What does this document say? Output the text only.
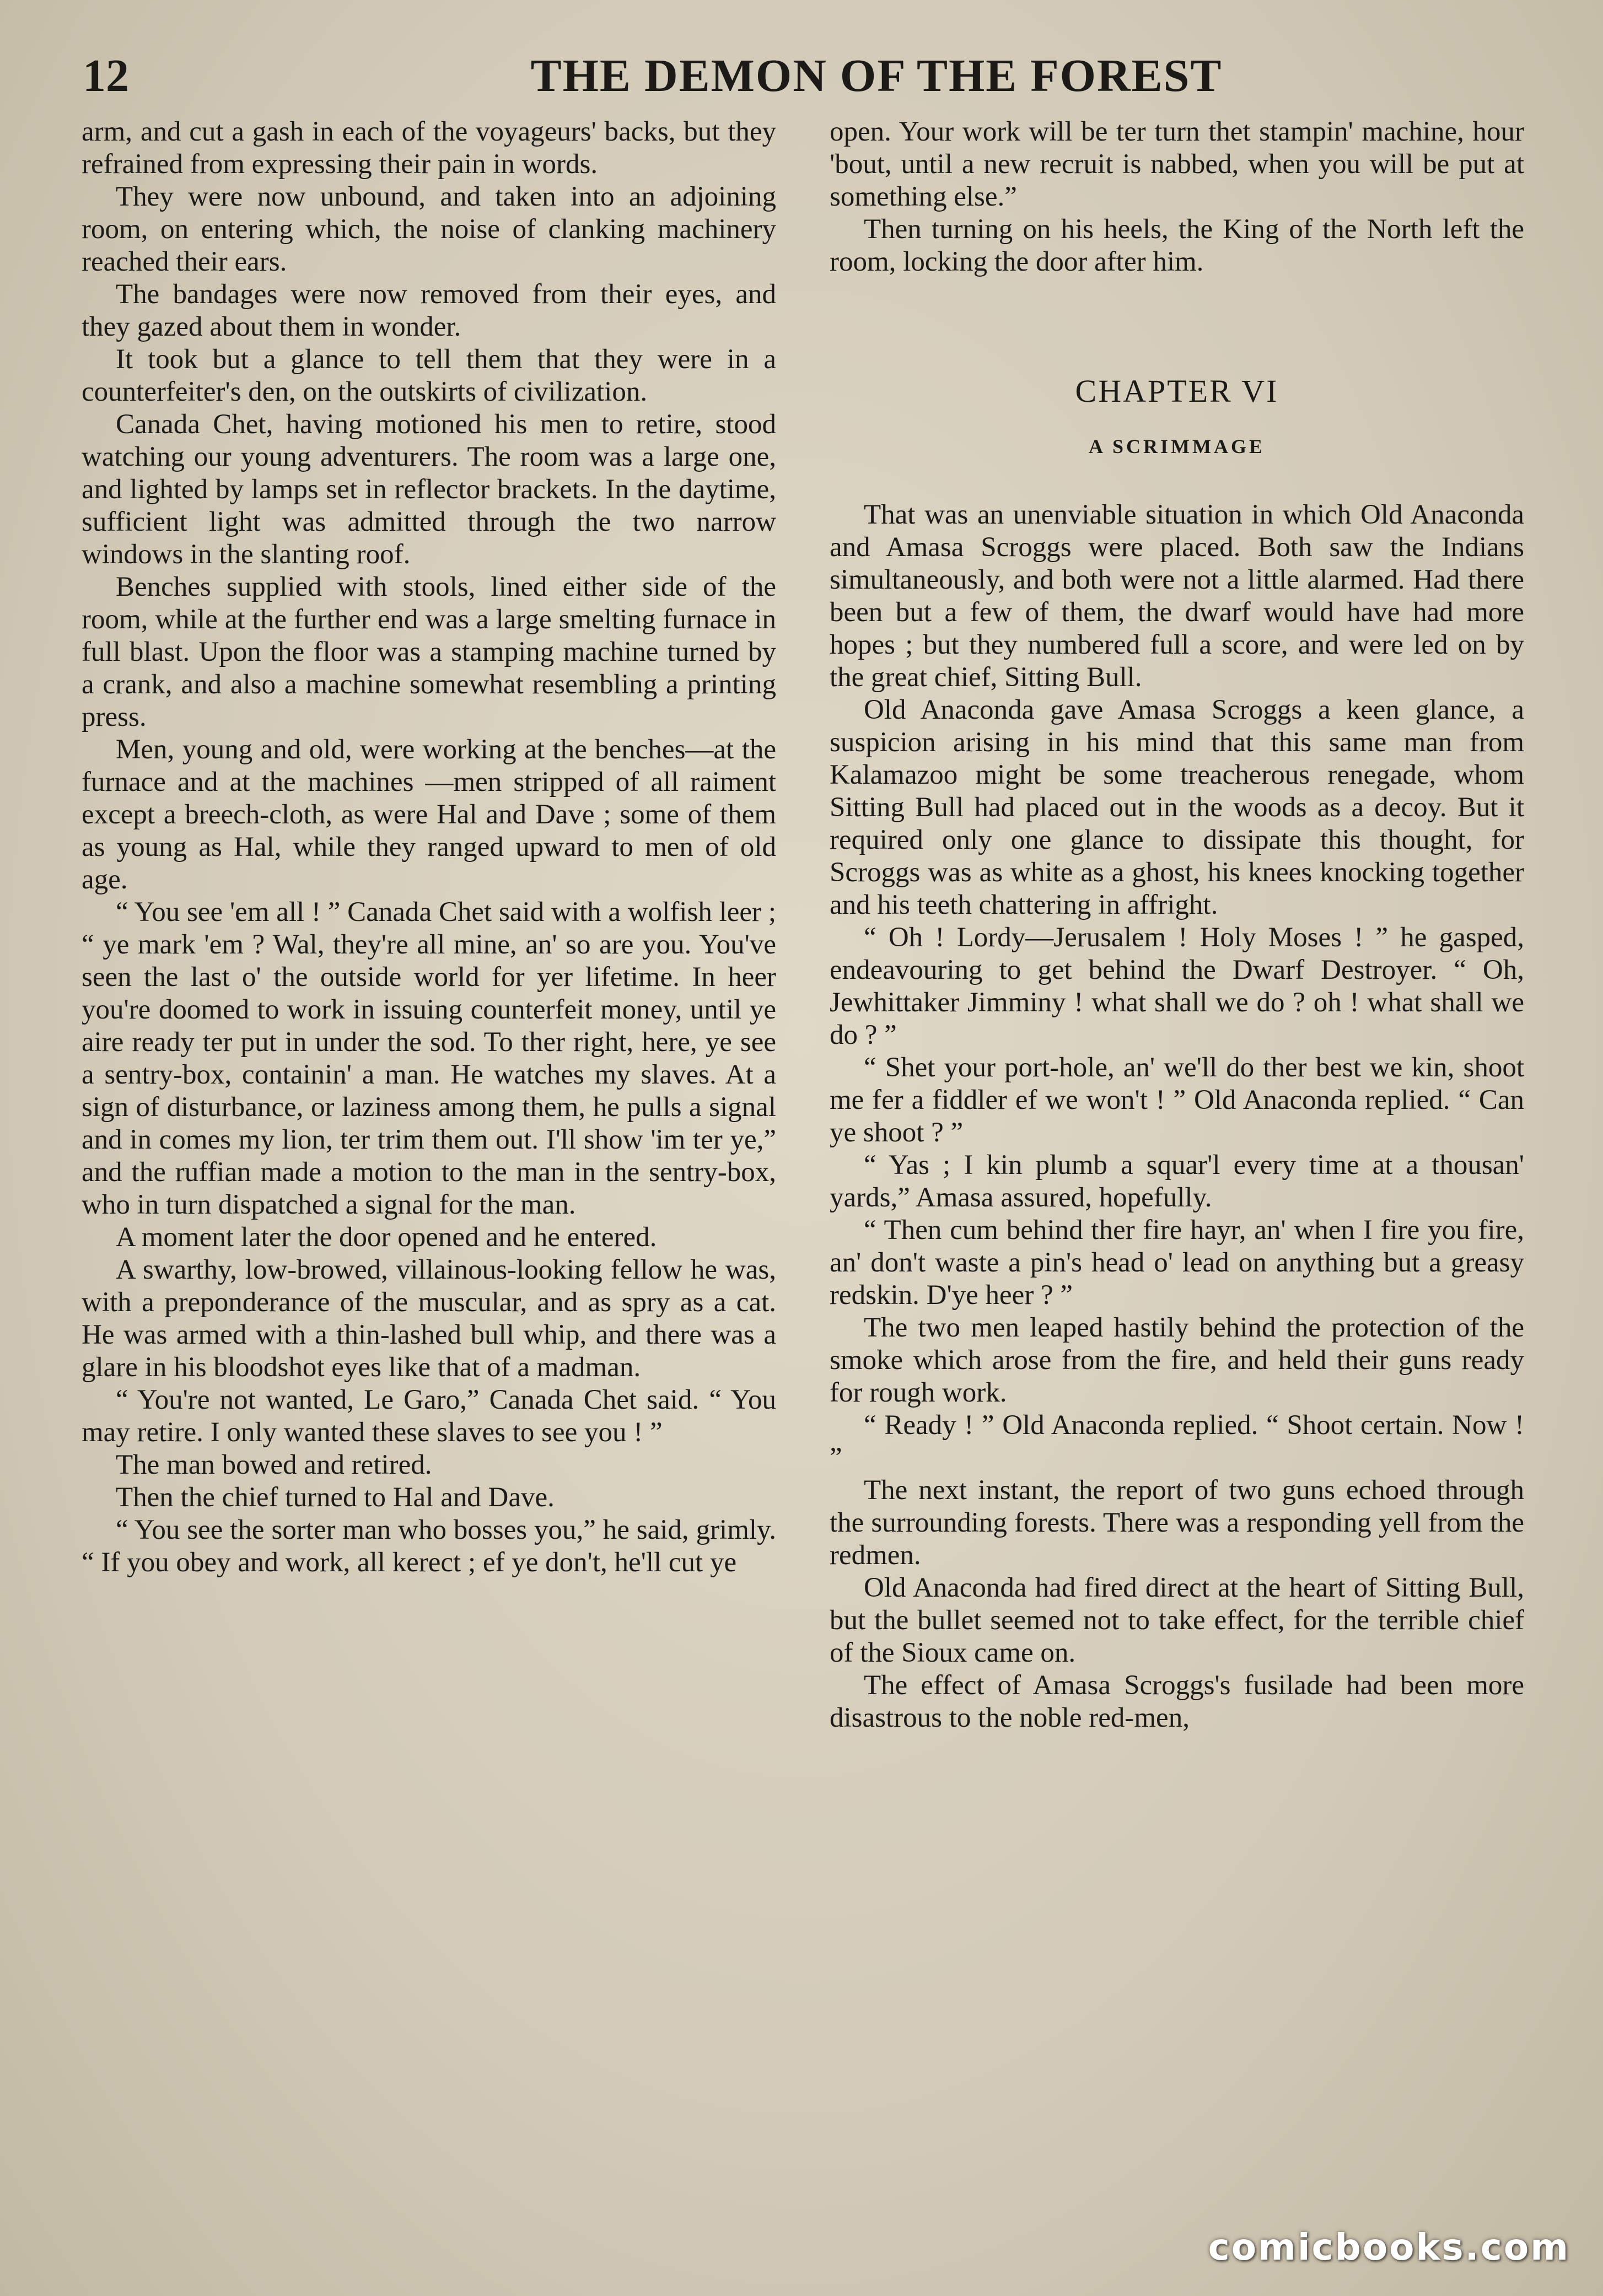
12	THE DEMON OF THE FOREST

arm, and cut a gash in each of the voyageurs' backs, but they refrained from expressing their pain in words.

They were now unbound, and taken into an adjoining room, on entering which, the noise of clanking machinery reached their ears.

The bandages were now removed from their eyes, and they gazed about them in wonder.

It took but a glance to tell them that they were in a counterfeiter's den, on the outskirts of civilization.

Canada Chet, having motioned his men to retire, stood watching our young adventurers. The room was a large one, and lighted by lamps set in reflector brackets. In the daytime, sufficient light was admitted through the two narrow windows in the slanting roof.

Benches supplied with stools, lined either side of the room, while at the further end was a large smelting furnace in full blast. Upon the floor was a stamping machine turned by a crank, and also a machine somewhat resembling a printing press.

Men, young and old, were working at the benches—at the furnace and at the machines —men stripped of all raiment except a breech-cloth, as were Hal and Dave ; some of them as young as Hal, while they ranged upward to men of old age.

“ You see 'em all ! ” Canada Chet said with a wolfish leer ; “ ye mark 'em ? Wal, they're all mine, an' so are you. You've seen the last o' the outside world for yer lifetime. In heer you're doomed to work in issuing counterfeit money, until ye aire ready ter put in under the sod. To ther right, here, ye see a sentry-box, containin' a man. He watches my slaves. At a sign of disturbance, or laziness among them, he pulls a signal and in comes my lion, ter trim them out. I'll show 'im ter ye,” and the ruffian made a motion to the man in the sentry-box, who in turn dispatched a signal for the man.

A moment later the door opened and he entered.

A swarthy, low-browed, villainous-looking fellow he was, with a preponderance of the muscular, and as spry as a cat. He was armed with a thin-lashed bull whip, and there was a glare in his bloodshot eyes like that of a madman.

“ You're not wanted, Le Garo,” Canada Chet said. “ You may retire. I only wanted these slaves to see you ! ”

The man bowed and retired.

Then the chief turned to Hal and Dave.

“ You see the sorter man who bosses you,” he said, grimly. “ If you obey and work, all kerect ; ef ye don't, he'll cut ye

open. Your work will be ter turn thet stampin' machine, hour 'bout, until a new recruit is nabbed, when you will be put at something else.”

Then turning on his heels, the King of the North left the room, locking the door after him.

CHAPTER VI
A SCRIMMAGE

That was an unenviable situation in which Old Anaconda and Amasa Scroggs were placed. Both saw the Indians simultaneously, and both were not a little alarmed. Had there been but a few of them, the dwarf would have had more hopes ; but they numbered full a score, and were led on by the great chief, Sitting Bull.

Old Anaconda gave Amasa Scroggs a keen glance, a suspicion arising in his mind that this same man from Kalamazoo might be some treacherous renegade, whom Sitting Bull had placed out in the woods as a decoy. But it required only one glance to dissipate this thought, for Scroggs was as white as a ghost, his knees knocking together and his teeth chattering in affright.

“ Oh ! Lordy—Jerusalem ! Holy Moses ! ” he gasped, endeavouring to get behind the Dwarf Destroyer. “ Oh, Jewhittaker Jimminy ! what shall we do ? oh ! what shall we do ? ”

“ Shet your port-hole, an' we'll do ther best we kin, shoot me fer a fiddler ef we won't ! ” Old Anaconda replied. “ Can ye shoot ? ”

“ Yas ; I kin plumb a squar'l every time at a thousan' yards,” Amasa assured, hopefully.

“ Then cum behind ther fire hayr, an' when I fire you fire, an' don't waste a pin's head o' lead on anything but a greasy redskin. D'ye heer ? ”

The two men leaped hastily behind the protection of the smoke which arose from the fire, and held their guns ready for rough work.

“ Ready ! ” Old Anaconda replied. “ Shoot certain. Now ! ”

The next instant, the report of two guns echoed through the surrounding forests. There was a responding yell from the redmen.

Old Anaconda had fired direct at the heart of Sitting Bull, but the bullet seemed not to take effect, for the terrible chief of the Sioux came on.

The effect of Amasa Scroggs's fusilade had been more disastrous to the noble red-men,

comicbooks.com
